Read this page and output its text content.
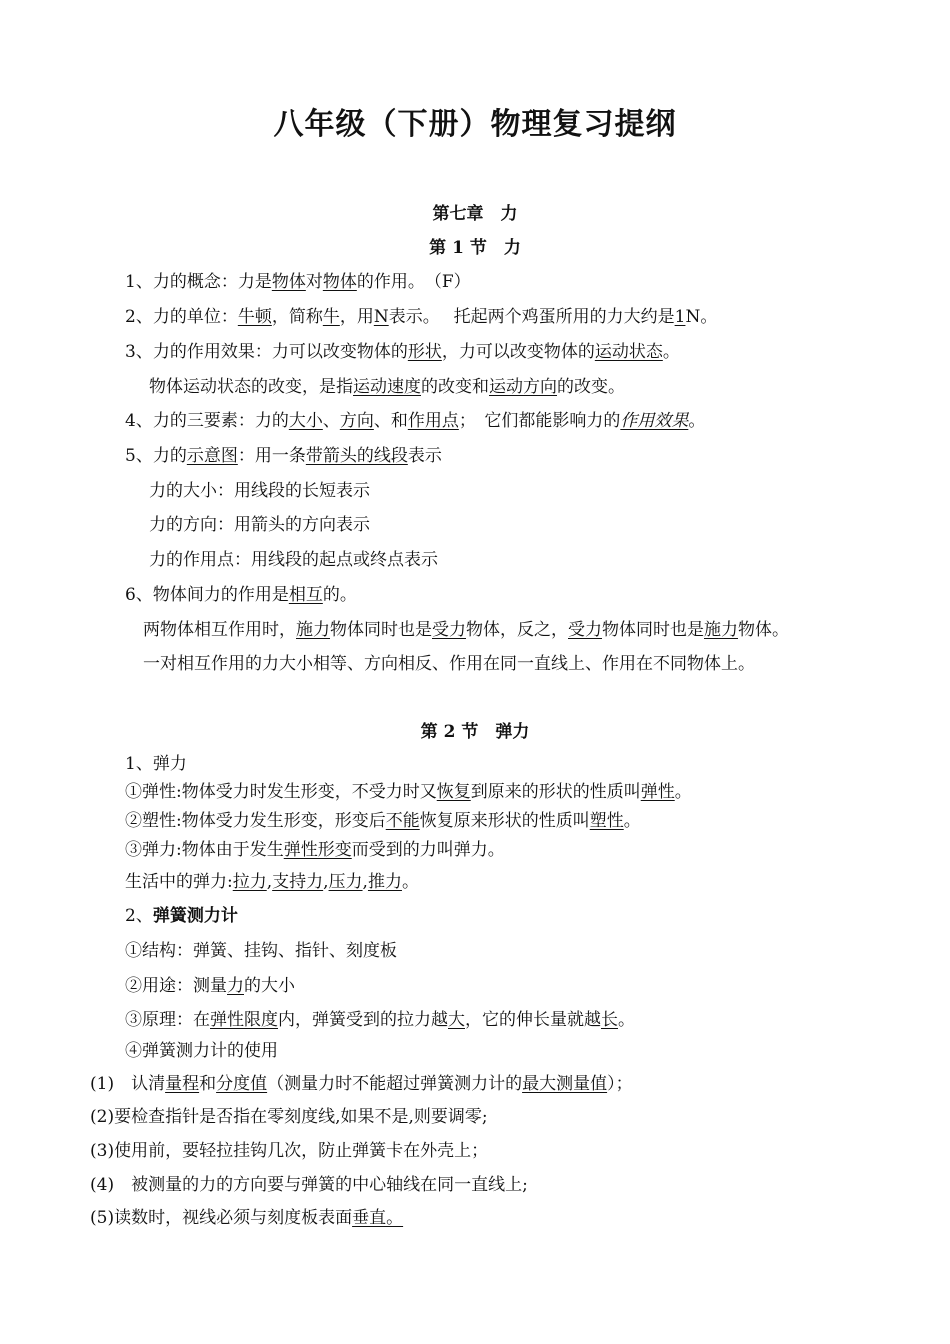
八年级（下册）物理复习提纲
第七章　力
第 1 节　力
1、力的概念：力是物体对物体的作用。　（F）
2、力的单位：牛顿，简称牛，用N表示。　 托起两个鸡蛋所用的力大约是1N。
3、力的作用效果：力可以改变物体的形状，力可以改变物体的运动状态。
物体运动状态的改变，是指运动速度的改变和运动方向的改变。
4、力的三要素：力的大小、方向、和作用点；　它们都能影响力的作用效果。
5、力的示意图：用一条带箭头的线段表示
力的大小：用线段的长短表示
力的方向：用箭头的方向表示
力的作用点：用线段的起点或终点表示
6、物体间力的作用是相互的。
两物体相互作用时，施力物体同时也是受力物体，反之，受力物体同时也是施力物体。
一对相互作用的力大小相等、方向相反、作用在同一直线上、作用在不同物体上。
第 2 节　弹力
1、弹力
①弹性:物体受力时发生形变，不受力时又恢复到原来的形状的性质叫弹性。
②塑性:物体受力发生形变，形变后不能恢复原来形状的性质叫塑性。
③弹力:物体由于发生弹性形变而受到的力叫弹力。
生活中的弹力:拉力,支持力,压力,推力。
2、弹簧测力计
①结构：弹簧、挂钩、指针、刻度板
②用途：测量力的大小
③原理：在弹性限度内，弹簧受到的拉力越大，它的伸长量就越长。
④弹簧测力计的使用
(1)　认清量程和分度值（测量力时不能超过弹簧测力计的最大测量值）；
(2)要检查指针是否指在零刻度线,如果不是,则要调零;
(3)使用前，要轻拉挂钩几次，防止弹簧卡在外壳上；
(4)　被测量的力的方向要与弹簧的中心轴线在同一直线上;
(5)读数时，视线必须与刻度板表面垂直。
